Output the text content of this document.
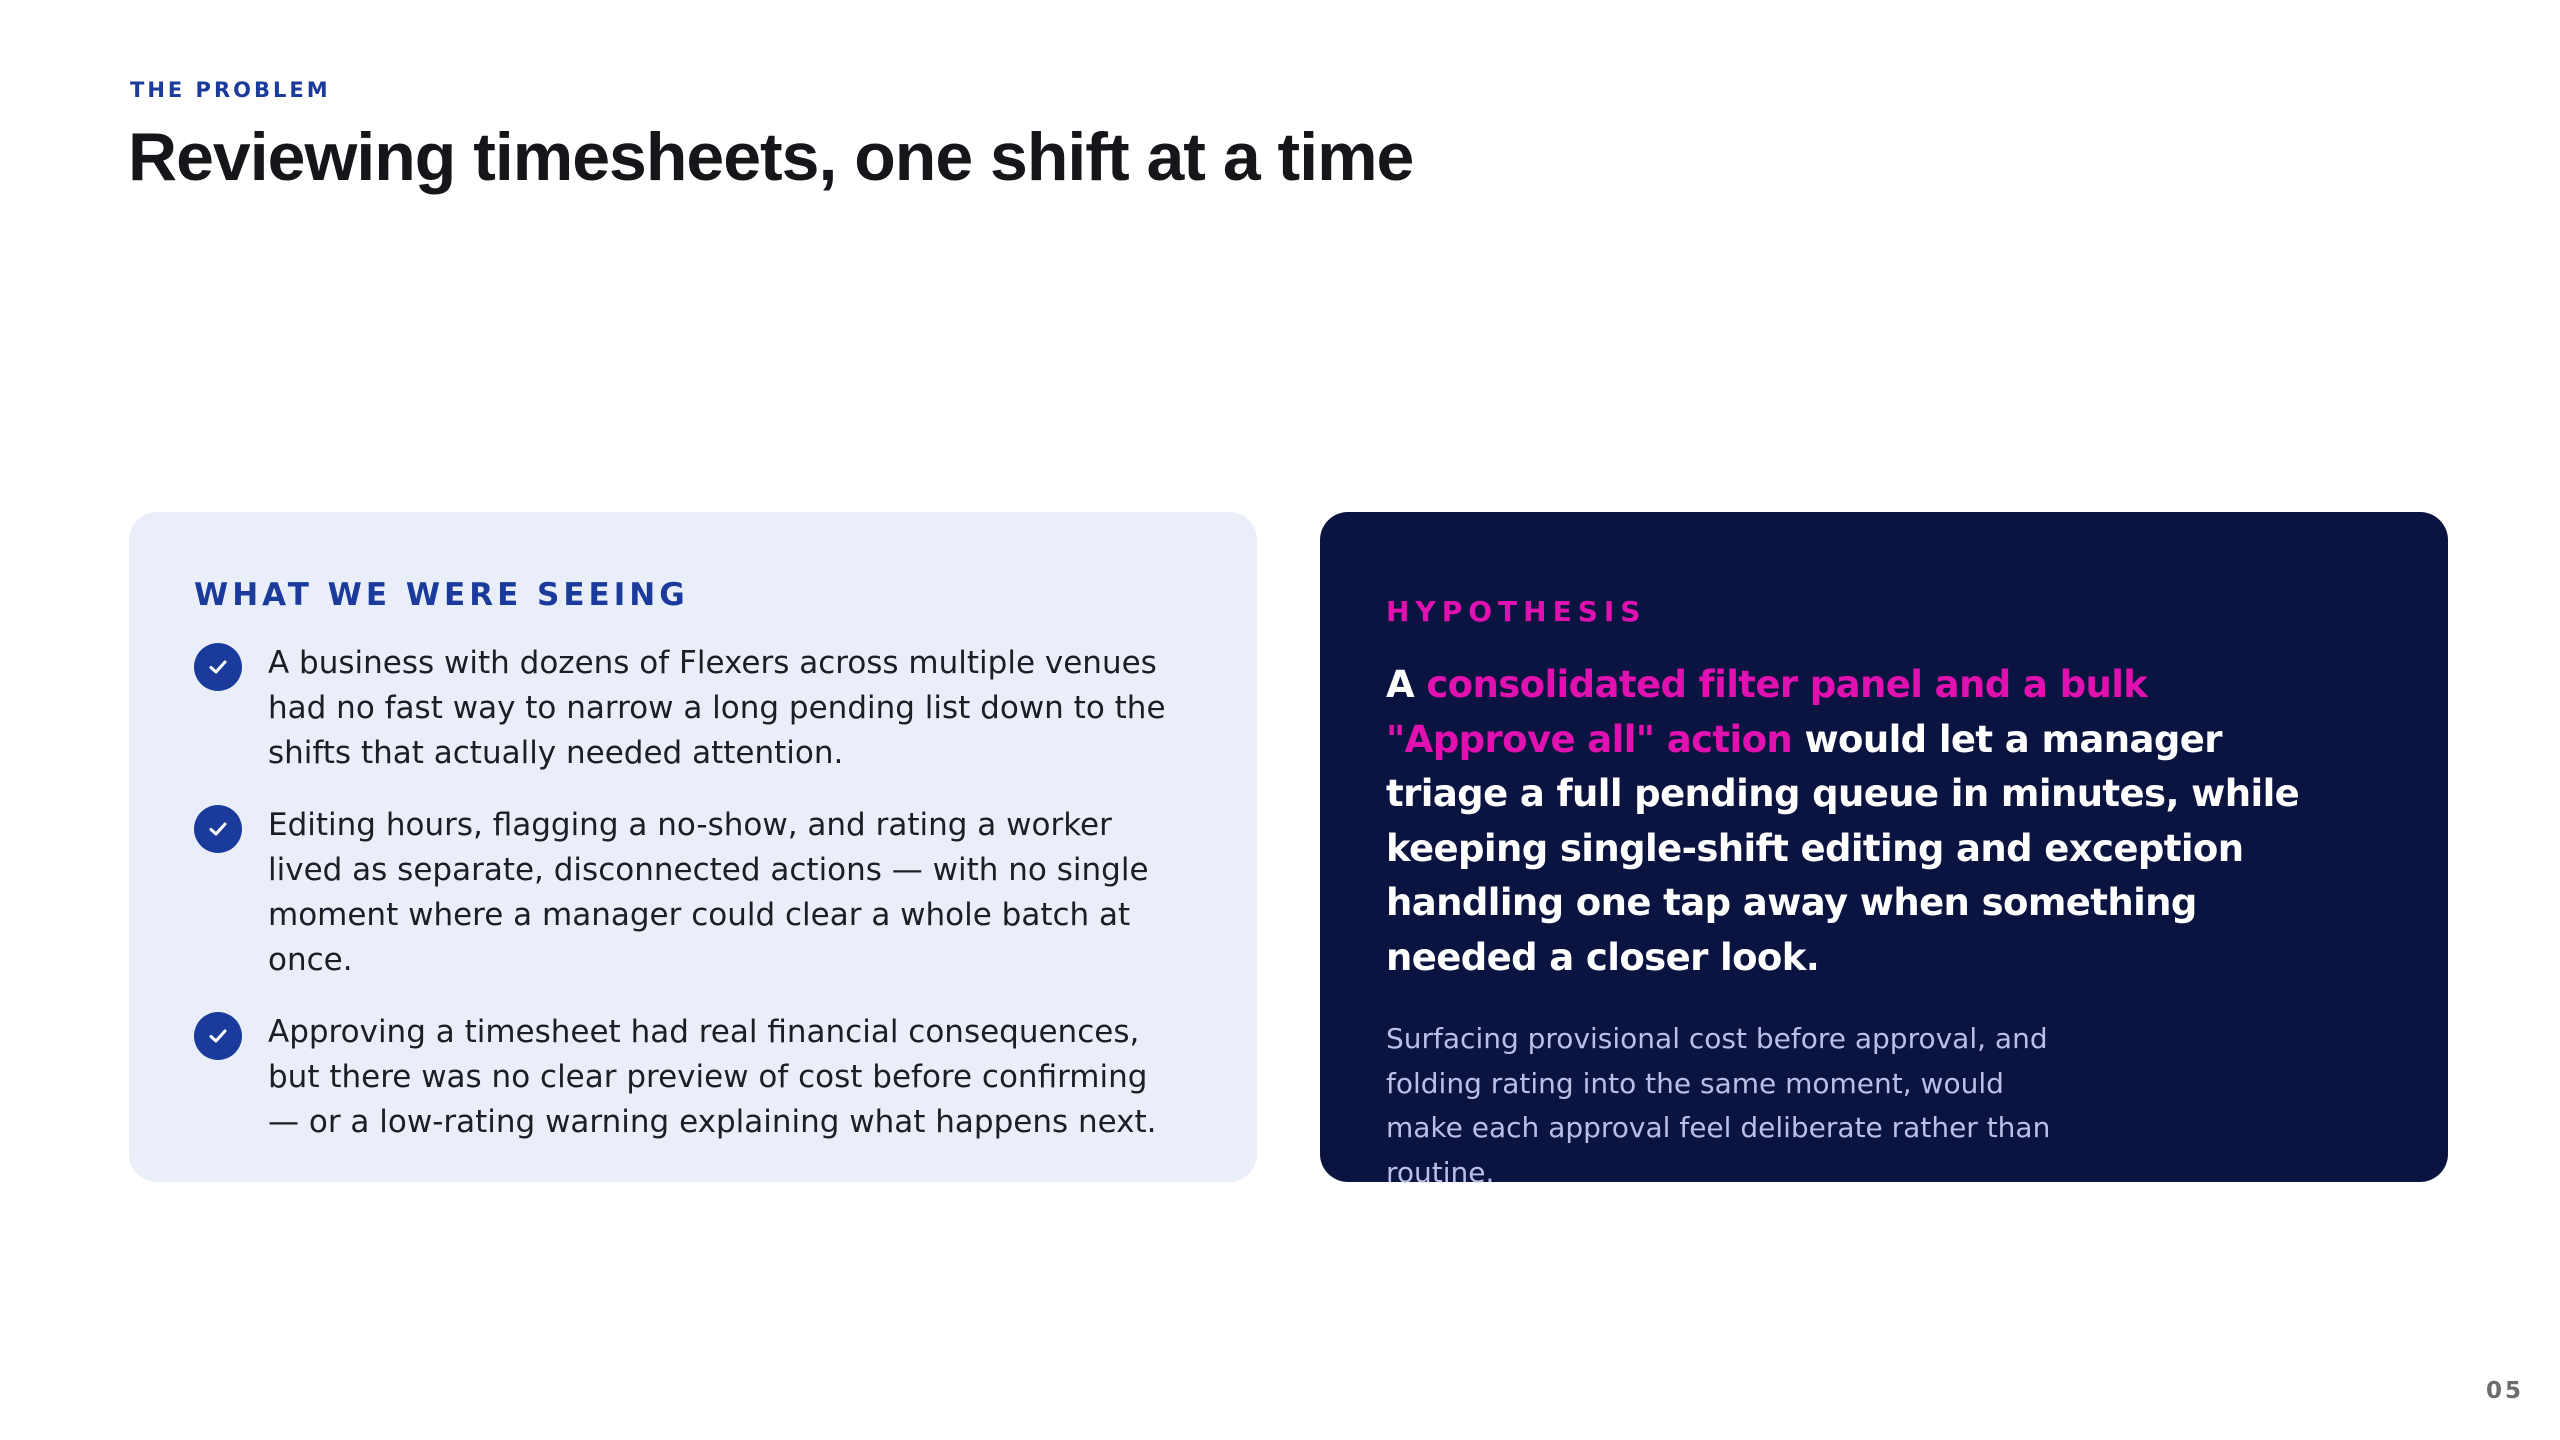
THE PROBLEM
Reviewing timesheets, one shift at a time
WHAT WE WERE SEEING
A business with dozens of Flexers across multiple venues had no fast way to narrow a long pending list down to the shifts that actually needed attention.
Editing hours, flagging a no-show, and rating a worker lived as separate, disconnected actions — with no single moment where a manager could clear a whole batch at once.
Approving a timesheet had real financial consequences, but there was no clear preview of cost before confirming — or a low-rating warning explaining what happens next.
HYPOTHESIS

A consolidated filter panel and a bulk "Approve all" action would let a manager triage a full pending queue in minutes, while keeping single-shift editing and exception handling one tap away when something needed a closer look.

Surfacing provisional cost before approval, and folding rating into the same moment, would make each approval feel deliberate rather than routine.

05
